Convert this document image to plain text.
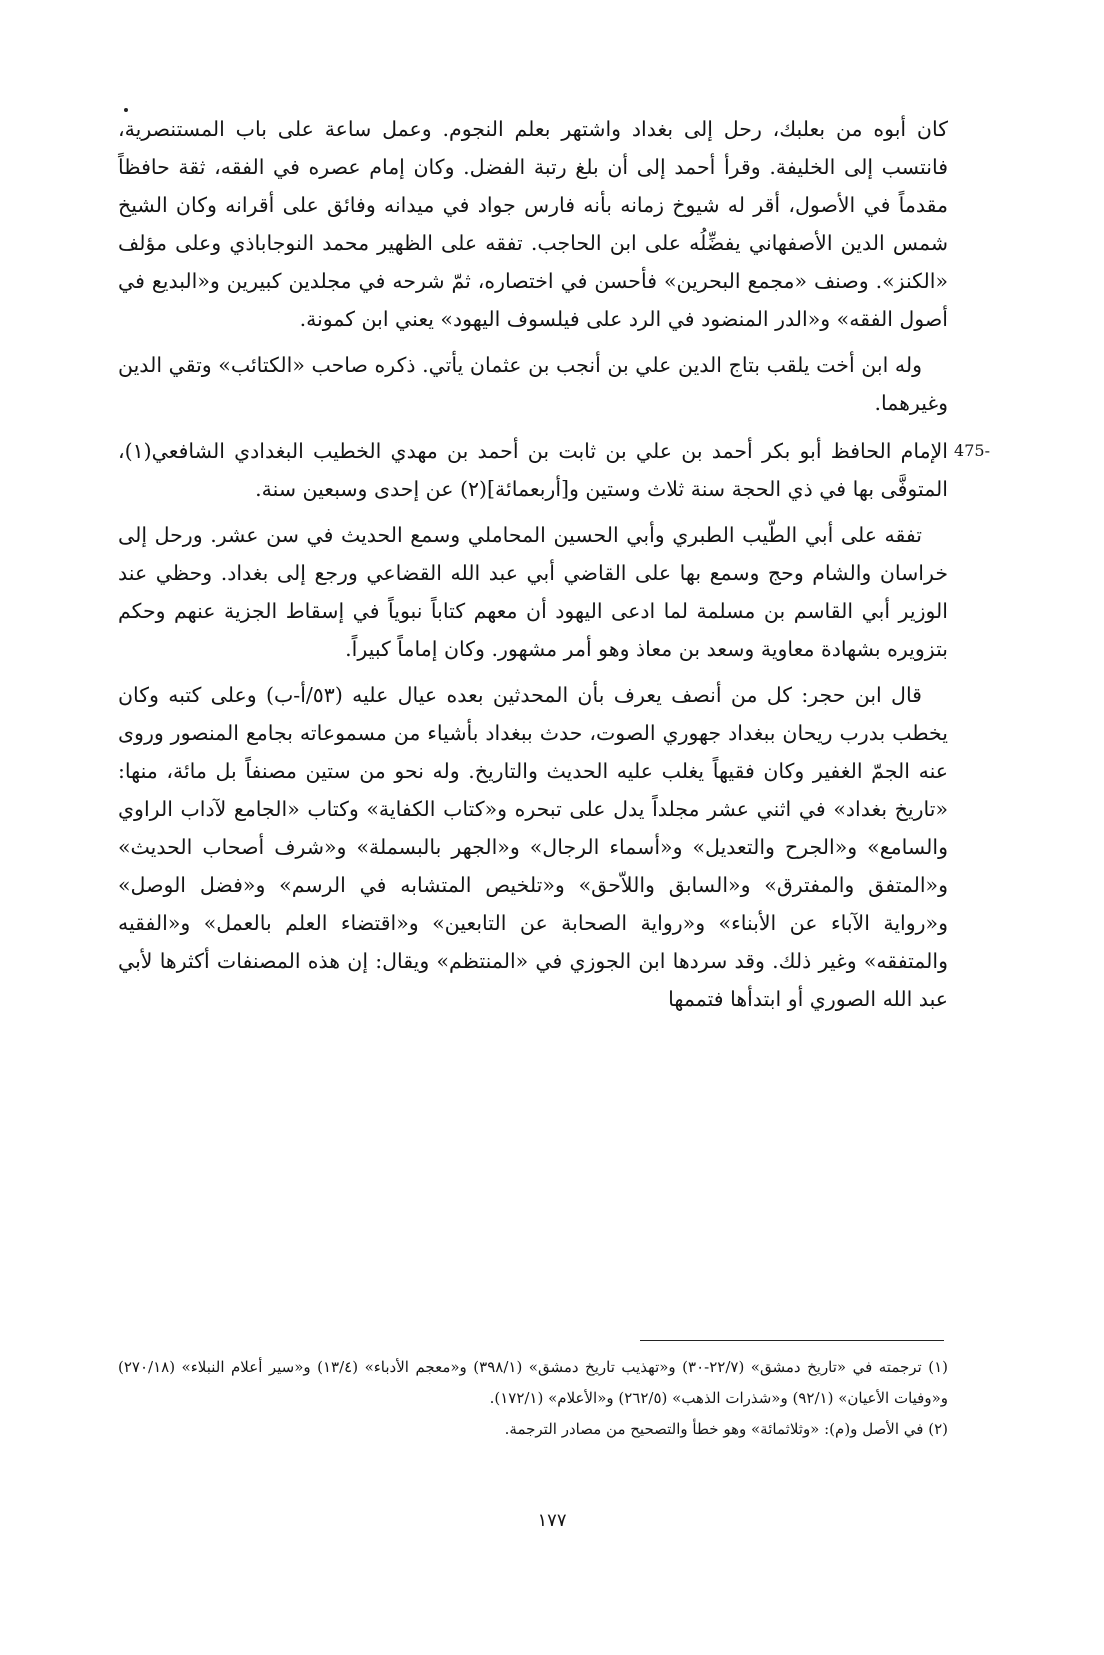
كان أبوه من بعلبك، رحل إلى بغداد واشتهر بعلم النجوم. وعمل ساعة على باب المستنصرية، فانتسب إلى الخليفة. وقرأ أحمد إلى أن بلغ رتبة الفضل. وكان إمام عصره في الفقه، ثقة حافظاً مقدماً في الأصول، أقر له شيوخ زمانه بأنه فارس جواد في ميدانه وفائق على أقرانه وكان الشيخ شمس الدين الأصفهاني يفضِّلُه على ابن الحاجب. تفقه على الظهير محمد النوجاباذي وعلى مؤلف «الكنز». وصنف «مجمع البحرين» فأحسن في اختصاره، ثمّ شرحه في مجلدين كبيرين و«البديع في أصول الفقه» و«الدر المنضود في الرد على فيلسوف اليهود» يعني ابن كمونة.

وله ابن أخت يلقب بتاج الدين علي بن أنجب بن عثمان يأتي. ذكره صاحب «الكتائب» وتقي الدين وغيرهما.

475-

الإمام الحافظ أبو بكر أحمد بن علي بن ثابت بن أحمد بن مهدي الخطيب البغدادي الشافعي(١)، المتوفَّى بها في ذي الحجة سنة ثلاث وستين و[أربعمائة](٢) عن إحدى وسبعين سنة.

تفقه على أبي الطّيب الطبري وأبي الحسين المحاملي وسمع الحديث في سن عشر. ورحل إلى خراسان والشام وحج وسمع بها على القاضي أبي عبد الله القضاعي ورجع إلى بغداد. وحظي عند الوزير أبي القاسم بن مسلمة لما ادعى اليهود أن معهم كتاباً نبوياً في إسقاط الجزية عنهم وحكم بتزويره بشهادة معاوية وسعد بن معاذ وهو أمر مشهور. وكان إماماً كبيراً.

قال ابن حجر: كل من أنصف يعرف بأن المحدثين بعده عيال عليه (٥٣/أ-ب) وعلى كتبه وكان يخطب بدرب ريحان ببغداد جهوري الصوت، حدث ببغداد بأشياء من مسموعاته بجامع المنصور وروى عنه الجمّ الغفير وكان فقيهاً يغلب عليه الحديث والتاريخ. وله نحو من ستين مصنفاً بل مائة، منها: «تاريخ بغداد» في اثني عشر مجلداً يدل على تبحره و«كتاب الكفاية» وكتاب «الجامع لآداب الراوي والسامع» و«الجرح والتعديل» و«أسماء الرجال» و«الجهر بالبسملة» و«شرف أصحاب الحديث» و«المتفق والمفترق» و«السابق واللاّحق» و«تلخيص المتشابه في الرسم» و«فضل الوصل» و«رواية الآباء عن الأبناء» و«رواية الصحابة عن التابعين» و«اقتضاء العلم بالعمل» و«الفقيه والمتفقه» وغير ذلك. وقد سردها ابن الجوزي في «المنتظم» ويقال: إن هذه المصنفات أكثرها لأبي عبد الله الصوري أو ابتدأها فتممها

(١) ترجمته في «تاريخ دمشق» (٢٢/٧-٣٠) و«تهذيب تاريخ دمشق» (٣٩٨/١) و«معجم الأدباء» (١٣/٤) و«سير أعلام النبلاء» (٢٧٠/١٨) و«وفيات الأعيان» (٩٢/١) و«شذرات الذهب» (٢٦٢/٥) و«الأعلام» (١٧٢/١).

(٢) في الأصل و(م): «وثلاثمائة» وهو خطأ والتصحيح من مصادر الترجمة.

١٧٧
